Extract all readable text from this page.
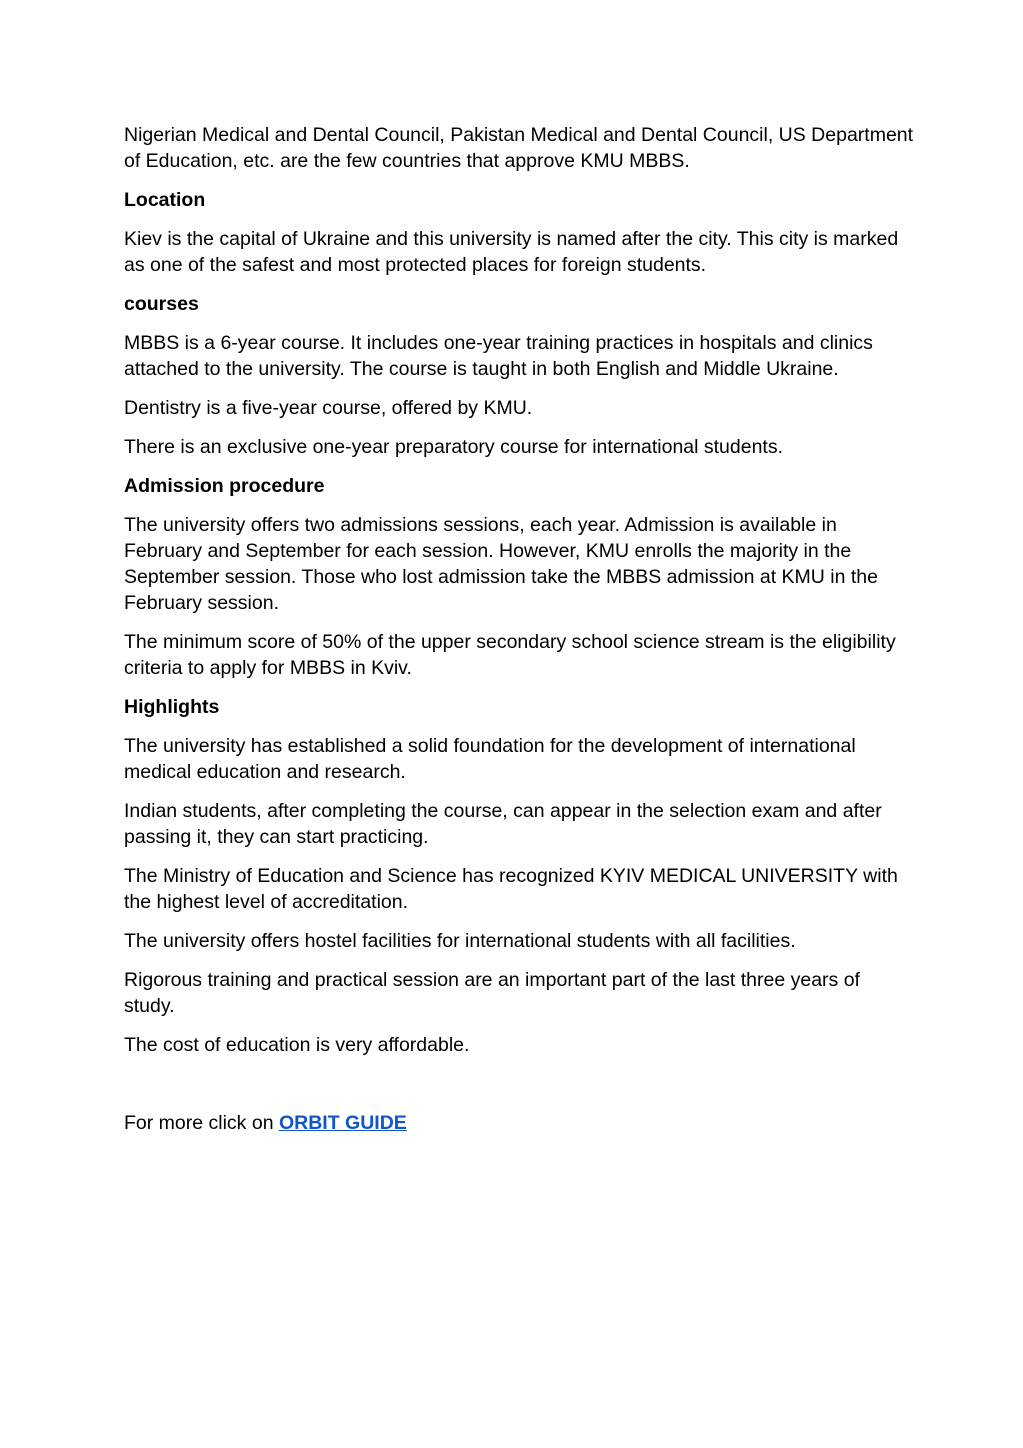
Nigerian Medical and Dental Council, Pakistan Medical and Dental Council, US Department of Education, etc. are the few countries that approve KMU MBBS.

Location

Kiev is the capital of Ukraine and this university is named after the city. This city is marked as one of the safest and most protected places for foreign students.

courses

MBBS is a 6-year course. It includes one-year training practices in hospitals and clinics attached to the university. The course is taught in both English and Middle Ukraine.

Dentistry is a five-year course, offered by KMU.

There is an exclusive one-year preparatory course for international students.

Admission procedure

The university offers two admissions sessions, each year. Admission is available in February and September for each session. However, KMU enrolls the majority in the September session. Those who lost admission take the MBBS admission at KMU in the February session.

The minimum score of 50% of the upper secondary school science stream is the eligibility criteria to apply for MBBS in Kviv.

Highlights

The university has established a solid foundation for the development of international medical education and research.

Indian students, after completing the course, can appear in the selection exam and after passing it, they can start practicing.

The Ministry of Education and Science has recognized KYIV MEDICAL UNIVERSITY with the highest level of accreditation.

The university offers hostel facilities for international students with all facilities.

Rigorous training and practical session are an important part of the last three years of study.

The cost of education is very affordable.

For more click on ORBIT GUIDE
